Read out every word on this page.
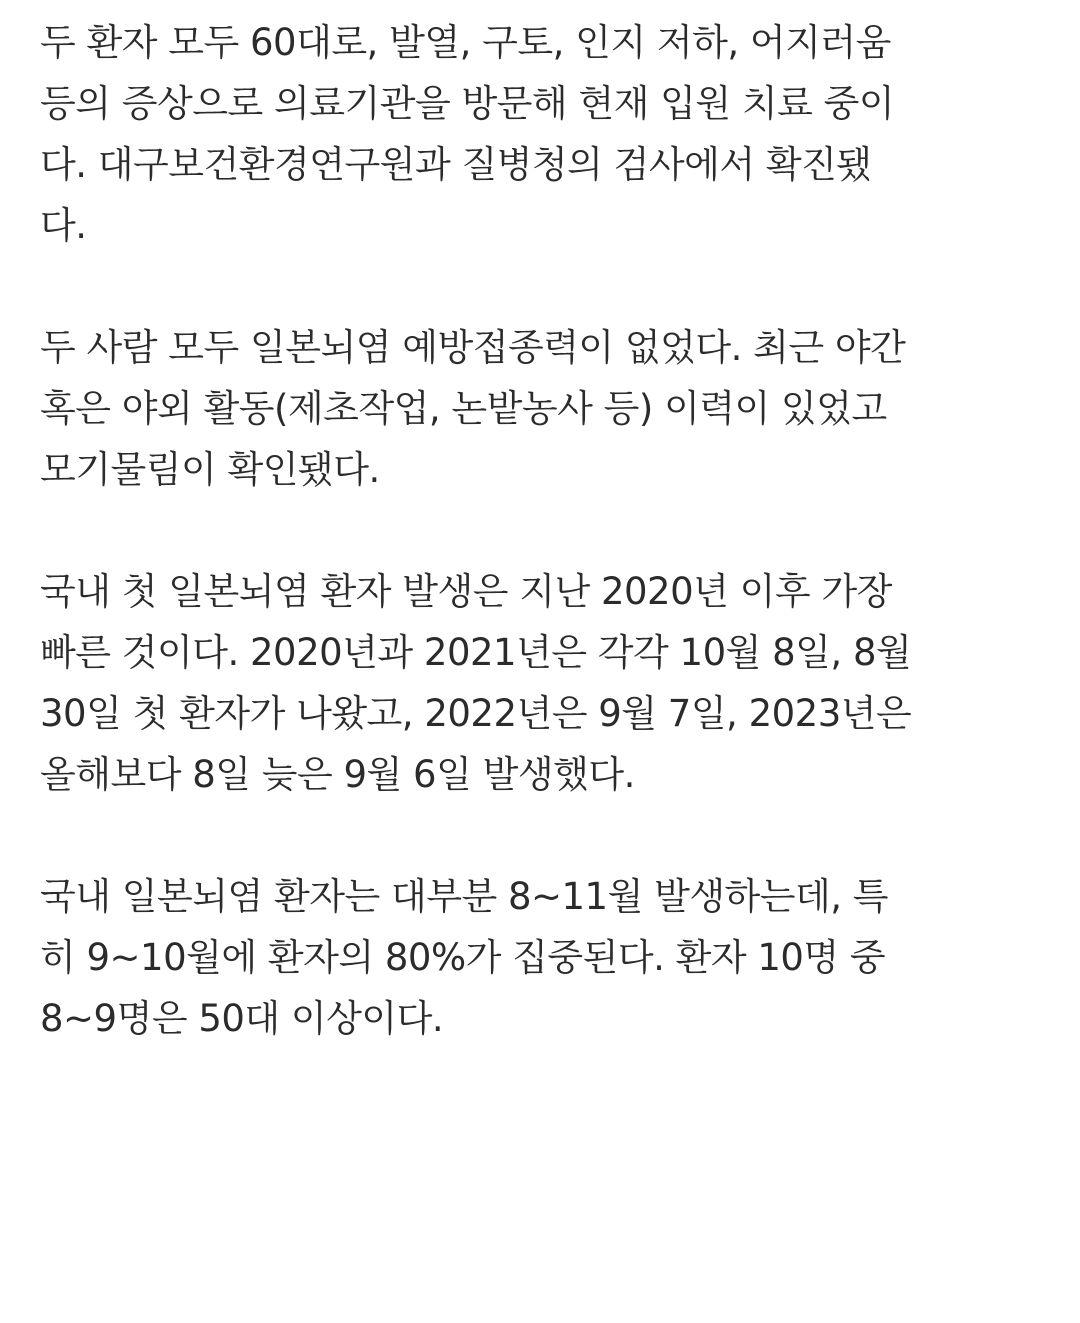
두 환자 모두 60대로, 발열, 구토, 인지 저하, 어지러움
등의 증상으로 의료기관을 방문해 현재 입원 치료 중이
다. 대구보건환경연구원과 질병청의 검사에서 확진됐
다.
두 사람 모두 일본뇌염 예방접종력이 없었다. 최근 야간
혹은 야외 활동(제초작업, 논밭농사 등) 이력이 있었고
모기물림이 확인됐다.
국내 첫 일본뇌염 환자 발생은 지난 2020년 이후 가장
빠른 것이다. 2020년과 2021년은 각각 10월 8일, 8월
30일 첫 환자가 나왔고, 2022년은 9월 7일, 2023년은
올해보다 8일 늦은 9월 6일 발생했다.
국내 일본뇌염 환자는 대부분 8~11월 발생하는데, 특
히 9~10월에 환자의 80%가 집중된다. 환자 10명 중
8~9명은 50대 이상이다.
